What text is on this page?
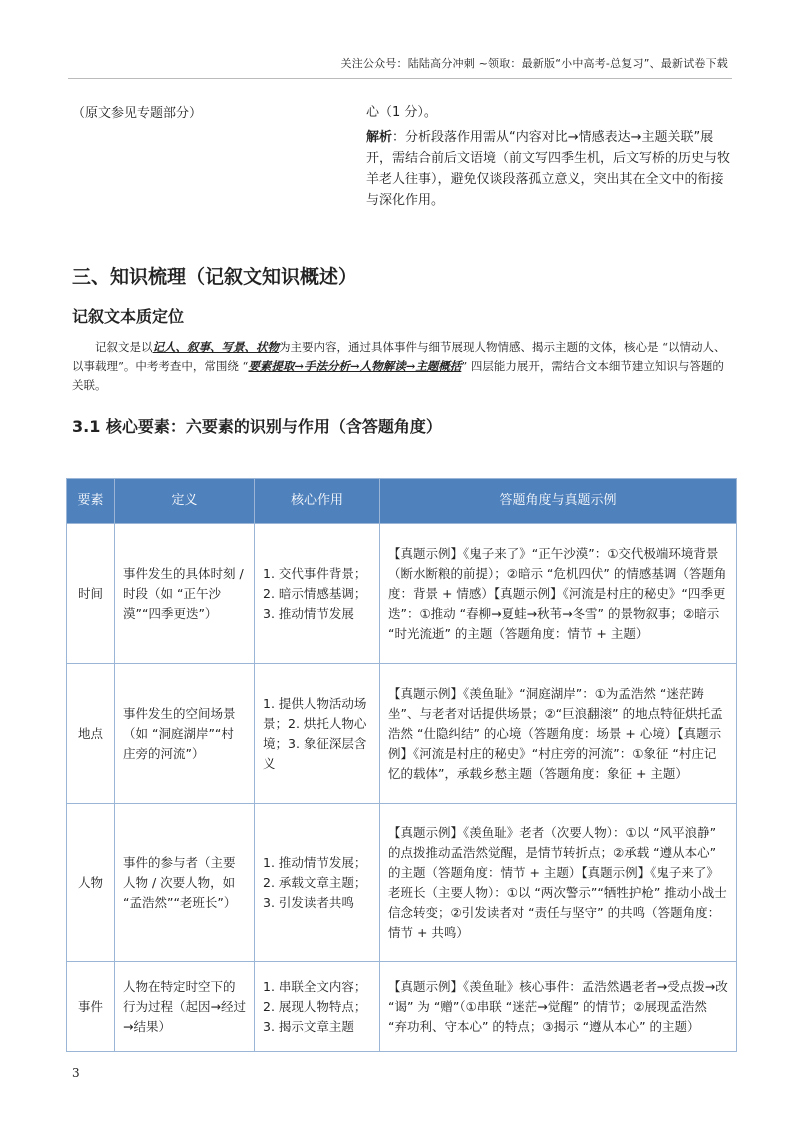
关注公众号：陆陆高分冲刺 ~领取：最新版“小中高考-总复习”、最新试卷下载
（原文参见专题部分）	心（1 分）。

解析：分析段落作用需从“内容对比→情感表达→主题关联”展开，需结合前后文语境（前文写四季生机，后文写桥的历史与牧羊老人往事），避免仅谈段落孤立意义，突出其在全文中的衔接与深化作用。

三、知识梳理（记叙文知识概述）
记叙文本质定位
记叙文是以记人、叙事、写景、状物为主要内容，通过具体事件与细节展现人物情感、揭示主题的文体，核心是 “以情动人、以事载理”。中考考查中，常围绕 “要素提取→手法分析→人物解读→主题概括” 四层能力展开，需结合文本细节建立知识与答题的关联。
3.1 核心要素：六要素的识别与作用（含答题角度）
要素	定义	核心作用	答题角度与真题示例
时间	事件发生的具体时刻 / 时段（如 “正午沙漠”“四季更迭”）	1. 交代事件背景；2. 暗示情感基调；3. 推动情节发展	【真题示例】《鬼子来了》“正午沙漠”：①交代极端环境背景（断水断粮的前提）；②暗示 “危机四伏” 的情感基调（答题角度：背景 + 情感）【真题示例】《河流是村庄的秘史》“四季更迭”：①推动 “春柳→夏蛙→秋苇→冬雪” 的景物叙事；②暗示 “时光流逝” 的主题（答题角度：情节 + 主题）
地点	事件发生的空间场景（如 “洞庭湖岸”“村庄旁的河流”）	1. 提供人物活动场景；2. 烘托人物心境；3. 象征深层含义	【真题示例】《羡鱼耻》“洞庭湖岸”：①为孟浩然 “迷茫踌坐”、与老者对话提供场景；②“巨浪翻滚” 的地点特征烘托孟浩然 “仕隐纠结” 的心境（答题角度：场景 + 心境）【真题示例】《河流是村庄的秘史》“村庄旁的河流”：①象征 “村庄记忆的载体”，承载乡愁主题（答题角度：象征 + 主题）
人物	事件的参与者（主要人物 / 次要人物，如 “孟浩然”“老班长”）	1. 推动情节发展；2. 承载文章主题；3. 引发读者共鸣	【真题示例】《羡鱼耻》老者（次要人物）：①以 “风平浪静” 的点拨推动孟浩然觉醒，是情节转折点；②承载 “遵从本心” 的主题（答题角度：情节 + 主题）【真题示例】《鬼子来了》老班长（主要人物）：①以 “两次警示”“牺牲护枪” 推动小战士信念转变；②引发读者对 “责任与坚守” 的共鸣（答题角度：情节 + 共鸣）
事件	人物在特定时空下的行为过程（起因→经过→结果）	1. 串联全文内容；2. 展现人物特点；3. 揭示文章主题	【真题示例】《羡鱼耻》核心事件：孟浩然遇老者→受点拨→改 “谒” 为 “赠”（①串联 “迷茫→觉醒” 的情节；②展现孟浩然 “弃功利、守本心” 的特点；③揭示 “遵从本心” 的主题）
3
